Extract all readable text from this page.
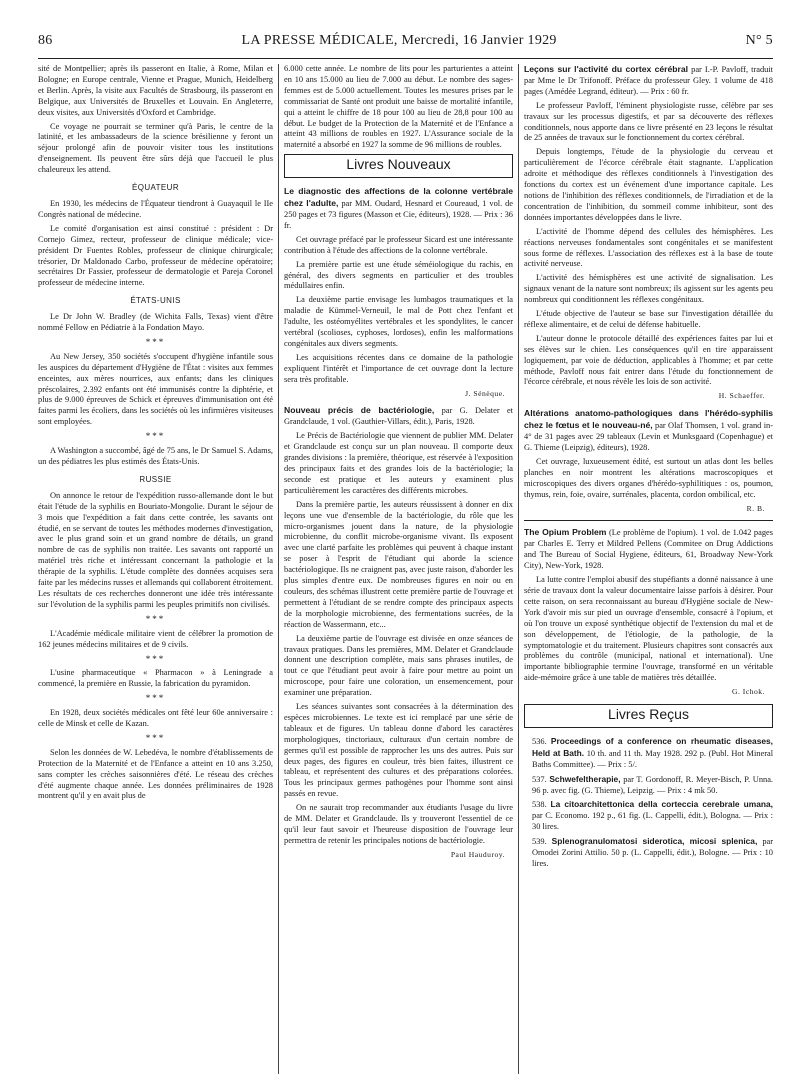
86	LA PRESSE MÉDICALE, Mercredi, 16 Janvier 1929	N° 5

sité de Montpellier; après ils passeront en Italie, à Rome, Milan et Bologne; en Europe centrale, Vienne et Prague, Munich, Heidelberg et Berlin. Après, la visite aux Facultés de Strasbourg, ils passeront en Belgique, aux Universités de Bruxelles et Louvain. En Angleterre, deux visites, aux Universités d'Oxford et Cambridge.

Ce voyage ne pourrait se terminer qu'à Paris, le centre de la latinité, et les ambassadeurs de la science brésilienne y feront un séjour prolongé afin de pouvoir visiter tous les institutions d'enseignement. Ils peuvent être sûrs déjà que l'accueil le plus chaleureux les attend.

ÉQUATEUR

En 1930, les médecins de l'Équateur tiendront à Guayaquil le IIe Congrès national de médecine.

Le comité d'organisation est ainsi constitué : président : Dr Cornejo Gimez, recteur, professeur de clinique médicale; vice-président Dr Fuentes Robles, professeur de clinique chirurgicale; trésorier, Dr Maldonado Carbo, professeur de médecine opératoire; secrétaires Dr Fassier, professeur de dermatologie et Pareja Coronel professeur de médecine interne.

ÉTATS-UNIS

Le Dr John W. Bradley (de Wichita Falls, Texas) vient d'être nommé Fellow en Pédiatrie à la Fondation Mayo.

***

Au New Jersey, 350 sociétés s'occupent d'hygiène infantile sous les auspices du département d'Hygiène de l'État : visites aux femmes enceintes, aux mères nourrices, aux enfants; dans les cliniques préscolaires, 2.392 enfants ont été immunisés contre la diphtérie, et plus de 9.000 épreuves de Schick et épreuves d'immunisation ont été faites parmi les écoliers, dans les sociétés où les infirmières visiteuses sont employées.

***

A Washington a succombé, âgé de 75 ans, le Dr Samuel S. Adams, un des pédiatres les plus estimés des États-Unis.

RUSSIE

On annonce le retour de l'expédition russo-allemande dont le but était l'étude de la syphilis en Bouriato-Mongolie. Durant le séjour de 3 mois que l'expédition a fait dans cette contrée, les savants ont étudié, en se servant de toutes les méthodes modernes d'investigation, avec le plus grand soin et un grand nombre de détails, un grand nombre de cas de syphilis non traitée. Les savants ont rapporté un matériel très riche et intéressant concernant la pathologie et la thérapie de la syphilis. L'étude complète des données acquises sera faite par les médecins russes et allemands qui collaborent étroitement. Les résultats de ces recherches donneront une idée très intéressante sur l'évolution de la syphilis parmi les peuples primitifs non civilisés.

***

L'Académie médicale militaire vient de célébrer la promotion de 162 jeunes médecins militaires et de 9 civils.

***

L'usine pharmaceutique « Pharmacon » à Leningrade a commencé, la première en Russie, la fabrication du pyramidon.

***

En 1928, deux sociétés médicales ont fêté leur 60e anniversaire : celle de Minsk et celle de Kazan.

***

Selon les données de W. Lebedéva, le nombre d'établissements de Protection de la Maternité et de l'Enfance a atteint en 10 ans 3.250, sans compter les crèches saisonnières d'été. Le réseau des crèches d'été augmente chaque année. Les données préliminaires de 1928 montrent qu'il y en avait plus de

6.000 cette année. Le nombre de lits pour les parturientes a atteint en 10 ans 15.000 au lieu de 7.000 au début. Le nombre des sages-femmes est de 5.000 actuellement. Toutes les mesures prises par le commissariat de Santé ont produit une baisse de mortalité infantile, qui a atteint le chiffre de 18 pour 100 au lieu de 28,8 pour 100 au début. Le budget de la Protection de la Maternité et de l'Enfance a atteint 43 millions de roubles en 1927. L'Assurance sociale de la maternité a absorbé en 1927 la somme de 96 millions de roubles.

Livres Nouveaux

Le diagnostic des affections de la colonne vertébrale chez l'adulte, par MM. Oudard, Hesnard et Coureaud, 1 vol. de 250 pages et 73 figures (Masson et Cie, éditeurs), 1928. — Prix : 36 fr.

Cet ouvrage préfacé par le professeur Sicard est une intéressante contribution à l'étude des affections de la colonne vertébrale.

La première partie est une étude séméiologique du rachis, en général, des divers segments en particulier et des troubles médullaires enfin.

La deuxième partie envisage les lumbagos traumatiques et la maladie de Kümmel-Verneuil, le mal de Pott chez l'enfant et l'adulte, les ostéomyélites vertébrales et les spondylites, le cancer vertébral (scolioses, cyphoses, lordoses), enfin les malformations congénitales aux divers segments.

Les acquisitions récentes dans ce domaine de la pathologie expliquent l'intérêt et l'importance de cet ouvrage dont la lecture sera très profitable.

J. Sénèque.

Nouveau précis de bactériologie, par G. Delater et Grandclaude, 1 vol. (Gauthier-Villars, édit.), Paris, 1928.

Le Précis de Bactériologie que viennent de publier MM. Delater et Grandclaude est conçu sur un plan nouveau. Il comporte deux grandes divisions : la première, théorique, est réservée à l'exposition des principaux faits et des grandes lois de la bactériologie; la seconde est pratique et les auteurs y examinent plus particulièrement les caractères des différents microbes.

Dans la première partie, les auteurs réussissent à donner en dix leçons une vue d'ensemble de la bactériologie, du rôle que les micro-organismes jouent dans la nature, de la physiologie microbienne, du conflit microbe-organisme vivant. Ils exposent avec une clarté parfaite les problèmes qui peuvent à chaque instant se poser à l'esprit de l'étudiant qui aborde la science bactériologique. Ils ne craignent pas, avec juste raison, d'aborder les plus simples d'entre eux. De nombreuses figures en noir ou en couleurs, des schémas illustrent cette première partie de l'ouvrage et permettent à l'étudiant de se rendre compte des principaux aspects de la morphologie microbienne, des fermentations sucrées, de la réaction de Wassermann, etc...

La deuxième partie de l'ouvrage est divisée en onze séances de travaux pratiques. Dans les premières, MM. Delater et Grandclaude donnent une description complète, mais sans phrases inutiles, de tout ce que l'étudiant peut avoir à faire pour mettre au point un microscope, pour faire une coloration, un ensemencement, pour examiner une préparation.

Les séances suivantes sont consacrées à la détermination des espèces microbiennes. Le texte est ici remplacé par une série de tableaux et de figures. Un tableau donne d'abord les caractères morphologiques, tinctoriaux, culturaux d'un certain nombre de germes qu'il est possible de rapprocher les uns des autres. Puis sur deux pages, des figures en couleur, très bien faites, illustrent ce tableau, et représentent des cultures et des préparations colorées. Tous les principaux germes pathogènes pour l'homme sont ainsi passés en revue.

On ne saurait trop recommander aux étudiants l'usage du livre de MM. Delater et Grandclaude. Ils y trouveront l'essentiel de ce qu'il leur faut savoir et l'heureuse disposition de l'ouvrage leur permettra de retenir les principales notions de bactériologie.

Paul Hauduroy.

Leçons sur l'activité du cortex cérébral par I.-P. Pavloff, traduit par Mme le Dr Trifonoff. Préface du professeur Gley. 1 volume de 418 pages (Amédée Legrand, éditeur). — Prix : 60 fr.

Le professeur Pavloff, l'éminent physiologiste russe, célèbre par ses travaux sur les processus digestifs, et par sa découverte des réflexes conditionnels, nous apporte dans ce livre présenté en 23 leçons le résultat de 25 années de travaux sur le fonctionnement du cortex cérébral.

Depuis longtemps, l'étude de la physiologie du cerveau et particulièrement de l'écorce cérébrale était stagnante. L'application adroite et méthodique des réflexes conditionnels à l'investigation des fonctions du cortex est un événement d'une importance capitale. Les notions de l'inhibition des réflexes conditionnels, de l'irradiation et de la concentration de l'inhibition, du sommeil comme inhibiteur, sont des données importantes développées dans le livre.

L'activité de l'homme dépend des cellules des hémisphères. Les réactions nerveuses fondamentales sont congénitales et se manifestent sous forme de réflexes. L'association des réflexes est à la base de toute activité nerveuse.

L'activité des hémisphères est une activité de signalisation. Les signaux venant de la nature sont nombreux; ils agissent sur les agents peu nombreux qui conditionnent les réflexes congénitaux.

L'étude objective de l'auteur se base sur l'investigation détaillée du réflexe alimentaire, et de celui de défense habituelle.

L'auteur donne le protocole détaillé des expériences faites par lui et ses élèves sur le chien. Les conséquences qu'il en tire apparaissent logiquement, par voie de déduction, applicables à l'homme; et par cette méthode, Pavloff nous fait entrer dans l'étude du fonctionnement de l'écorce cérébrale, et nous révèle les lois de son activité.

H. Schaeffer.

Altérations anatomo-pathologiques dans l'hérédo-syphilis chez le fœtus et le nouveau-né, par Olaf Thomsen, 1 vol. grand in-4° de 31 pages avec 29 tableaux (Levin et Munksgaard (Copenhague) et G. Thieme (Leipzig), éditeurs), 1928.

Cet ouvrage, luxueusement édité, est surtout un atlas dont les belles planches en noir montrent les altérations macroscopiques et microscopiques des divers organes d'hérédo-syphilitiques : os, poumon, thymus, rein, foie, ovaire, surrénales, placenta, cordon ombilical, etc.

R. B.

The Opium Problem (Le problème de l'opium). 1 vol. de 1.042 pages par Charles E. Terry et Mildred Pellens (Commitee on Drug Addictions and The Bureau of Social Hygiene, éditeurs, 61, Broadway New-York City), New-York, 1928.

La lutte contre l'emploi abusif des stupéfiants a donné naissance à une série de travaux dont la valeur documentaire laisse parfois à désirer. Pour cette raison, on sera reconnaissant au bureau d'Hygiène sociale de New-York d'avoir mis sur pied un ouvrage d'ensemble, consacré à l'opium, et où l'on trouve un exposé synthétique objectif de l'extension du mal et de son développement, de l'étiologie, de la pathologie, de la symptomatologie et du traitement. Plusieurs chapitres sont consacrés aux problèmes du contrôle (municipal, national et international). Une importante bibliographie termine l'ouvrage, transformé en un véritable aide-mémoire grâce à une table de matières très détaillée.

G. Ichok.
Livres Reçus

536. Proceedings of a conference on rheumatic diseases, Held at Bath. 10 th. and 11 th. May 1928. 292 p. (Publ. Hot Mineral Baths Committee). — Prix : 5/.

537. Schwefeltherapie, par T. Gordonoff, R. Meyer-Bisch, P. Unna. 96 p. avec fig. (G. Thieme), Leipzig. — Prix : 4 mk 50.

538. La citoarchitettonica della corteccia cerebrale umana, par C. Economo. 192 p., 61 fig. (L. Cappelli, édit.), Bologna. — Prix : 30 lires.

539. Splenogranulomatosi siderotica, micosi splenica, par Omodei Zorini Attilio. 50 p. (L. Cappelli, édit.), Bologne. — Prix : 10 lires.
